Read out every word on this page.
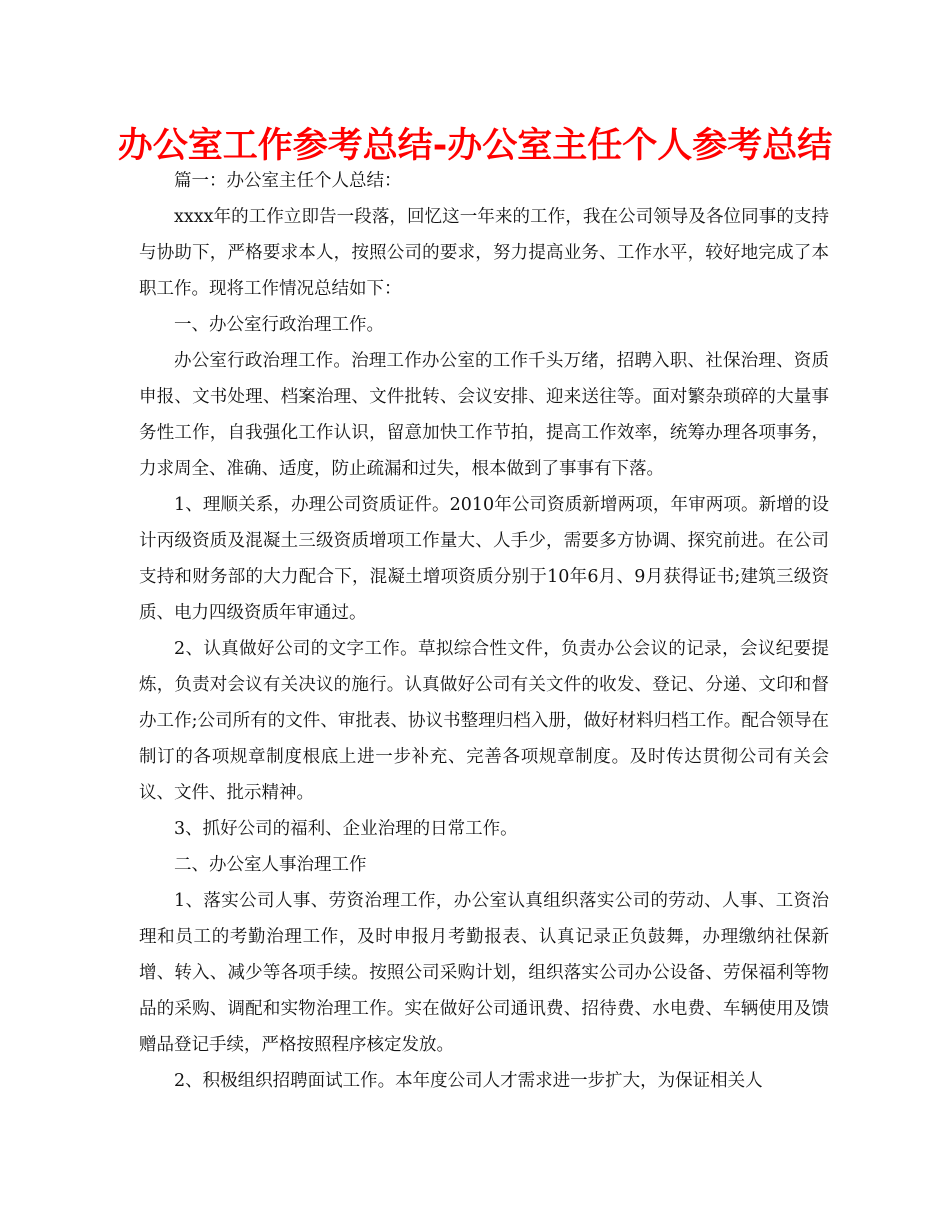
办公室工作参考总结-办公室主任个人参考总结

篇一：办公室主任个人总结：

xxxx年的工作立即告一段落，回忆这一年来的工作，我在公司领导及各位同事的支持与协助下，严格要求本人，按照公司的要求，努力提高业务、工作水平，较好地完成了本职工作。现将工作情况总结如下：

一、办公室行政治理工作。

办公室行政治理工作。治理工作办公室的工作千头万绪，招聘入职、社保治理、资质申报、文书处理、档案治理、文件批转、会议安排、迎来送往等。面对繁杂琐碎的大量事务性工作，自我强化工作认识，留意加快工作节拍，提高工作效率，统筹办理各项事务，力求周全、准确、适度，防止疏漏和过失，根本做到了事事有下落。

1、理顺关系，办理公司资质证件。2010年公司资质新增两项，年审两项。新增的设计丙级资质及混凝土三级资质增项工作量大、人手少，需要多方协调、探究前进。在公司支持和财务部的大力配合下，混凝土增项资质分别于10年6月、9月获得证书;建筑三级资质、电力四级资质年审通过。

2、认真做好公司的文字工作。草拟综合性文件，负责办公会议的记录，会议纪要提炼，负责对会议有关决议的施行。认真做好公司有关文件的收发、登记、分递、文印和督办工作;公司所有的文件、审批表、协议书整理归档入册，做好材料归档工作。配合领导在制订的各项规章制度根底上进一步补充、完善各项规章制度。及时传达贯彻公司有关会议、文件、批示精神。

3、抓好公司的福利、企业治理的日常工作。

二、办公室人事治理工作

1、落实公司人事、劳资治理工作，办公室认真组织落实公司的劳动、人事、工资治理和员工的考勤治理工作，及时申报月考勤报表、认真记录正负鼓舞，办理缴纳社保新增、转入、减少等各项手续。按照公司采购计划，组织落实公司办公设备、劳保福利等物品的采购、调配和实物治理工作。实在做好公司通讯费、招待费、水电费、车辆使用及馈赠品登记手续，严格按照程序核定发放。

2、积极组织招聘面试工作。本年度公司人才需求进一步扩大，为保证相关人
